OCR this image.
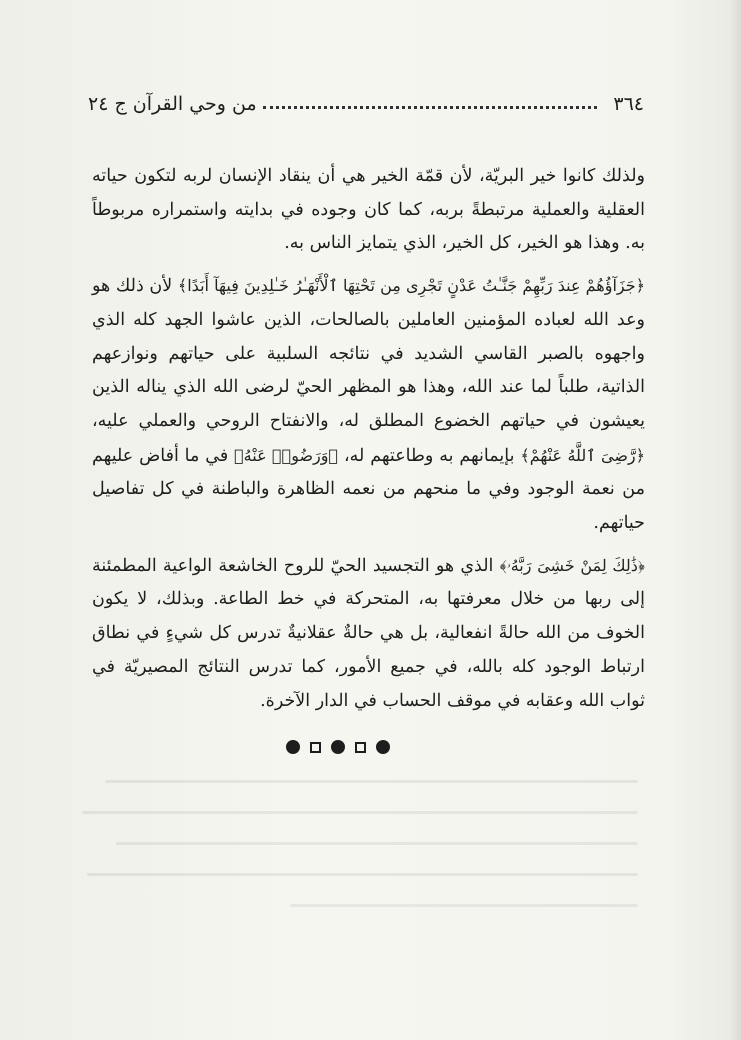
٣٦٤
من وحي القرآن ج ٢٤

ولذلك كانوا خير البريّة، لأن قمّة الخير هي أن ينقاد الإنسان لربه لتكون حياته العقلية والعملية مرتبطةً بربه، كما كان وجوده في بدايته واستمراره مربوطاً به. وهذا هو الخير، كل الخير، الذي يتمايز الناس به.

﴿جَزَآؤُهُمْ عِندَ رَبِّهِمْ جَنَّـٰتُ عَدْنٍ تَجْرِى مِن تَحْتِهَا ٱلْأَنْهَـٰرُ خَـٰلِدِينَ فِيهَآ أَبَدًا﴾ لأن ذلك هو وعد الله لعباده المؤمنين العاملين بالصالحات، الذين عاشوا الجهد كله الذي واجهوه بالصبر القاسي الشديد في نتائجه السلبية على حياتهم ونوازعهم الذاتية، طلباً لما عند الله، وهذا هو المظهر الحيّ لرضى الله الذي يناله الذين يعيشون في حياتهم الخضوع المطلق له، والانفتاح الروحي والعملي عليه، ﴿رَّضِىَ ٱللَّهُ عَنْهُمْ﴾ بإيمانهم به وطاعتهم له، ﴿وَرَضُوا۟ عَنْهُ﴾ في ما أفاض عليهم من نعمة الوجود وفي ما منحهم من نعمه الظاهرة والباطنة في كل تفاصيل حياتهم.

﴿ذَٰلِكَ لِمَنْ خَشِىَ رَبَّهُۥ﴾ الذي هو التجسيد الحيّ للروح الخاشعة الواعية المطمئنة إلى ربها من خلال معرفتها به، المتحركة في خط الطاعة. وبذلك، لا يكون الخوف من الله حالةً انفعالية، بل هي حالةٌ عقلانيةٌ تدرس كل شيءٍ في نطاق ارتباط الوجود كله بالله، في جميع الأمور، كما تدرس النتائج المصيريّة في ثواب الله وعقابه في موقف الحساب في الدار الآخرة.
